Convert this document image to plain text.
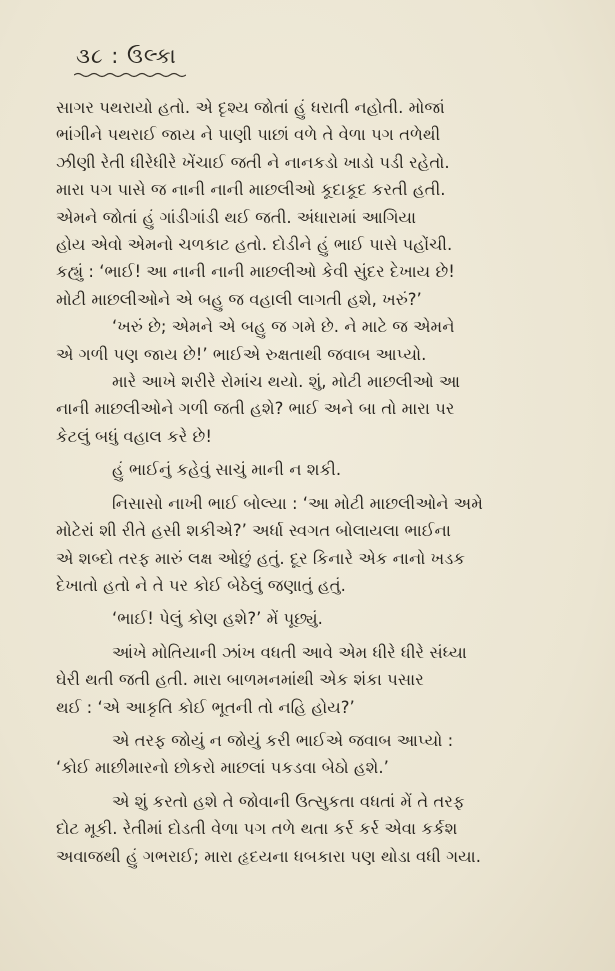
૩૮ : ઉલ્કા
સાગર પથરાયો હતો. એ દૃશ્ય જોતાં હું ધરાતી નહોતી. મોજાં
ભાંગીને પથરાઈ જાય ને પાણી પાછાં વળે તે વેળા પગ તળેથી
ઝીણી રેતી ધીરેધીરે ખેંચાઈ જતી ને નાનકડો ખાડો પડી રહેતો.
મારા પગ પાસે જ નાની નાની માછલીઓ કૂદાકૂદ કરતી હતી.
એમને જોતાં હું ગાંડીગાંડી થઈ જતી. અંધારામાં આગિયા
હોય એવો એમનો ચળકાટ હતો. દોડીને હું ભાઈ પાસે પહોંચી.
કહ્યું : ‘ભાઈ! આ નાની નાની માછલીઓ કેવી સુંદર દેખાય છે!
મોટી માછલીઓને એ બહુ જ વહાલી લાગતી હશે, ખરું?’
‘ખરું છે; એમને એ બહુ જ ગમે છે. ને માટે જ એમને
એ ગળી પણ જાય છે!’ ભાઈએ રુક્ષતાથી જવાબ આપ્યો.
મારે આખે શરીરે રોમાંચ થયો. શું, મોટી માછલીઓ આ
નાની માછલીઓને ગળી જતી હશે? ભાઈ અને બા તો મારા પર
કેટલું બધું વહાલ કરે છે!
હું ભાઈનું કહેવું સાચું માની ન શકી.
નિસાસો નાખી ભાઈ બોલ્યા : ‘આ મોટી માછલીઓને અમે
મોટેરાં શી રીતે હસી શકીએ?’ અર્ધા સ્વગત બોલાયલા ભાઈના
એ શબ્દો તરફ મારું લક્ષ ઓછું હતું. દૂર કિનારે એક નાનો ખડક
દેખાતો હતો ને તે પર કોઈ બેઠેલું જણાતું હતું.
‘ભાઈ! પેલું કોણ હશે?’ મેં પૂછ્યું.
આંખે મોતિયાની ઝાંખ વધતી આવે એમ ધીરે ધીરે સંધ્યા
ઘેરી થતી જતી હતી. મારા બાળમનમાંથી એક શંકા પસાર
થઈ : ‘એ આકૃતિ કોઈ ભૂતની તો નહિ હોય?’
એ તરફ જોયું ન જોયું કરી ભાઈએ જવાબ આપ્યો :
‘કોઈ માછીમારનો છોકરો માછલાં પકડવા બેઠો હશે.’
એ શું કરતો હશે તે જોવાની ઉત્સુકતા વધતાં મેં તે તરફ
દોટ મૂકી. રેતીમાં દોડતી વેળા પગ તળે થતા કર્ર કર્ર એવા કર્કશ
અવાજથી હું ગભરાઈ; મારા હૃદયના ધબકારા પણ થોડા વધી ગયા.
